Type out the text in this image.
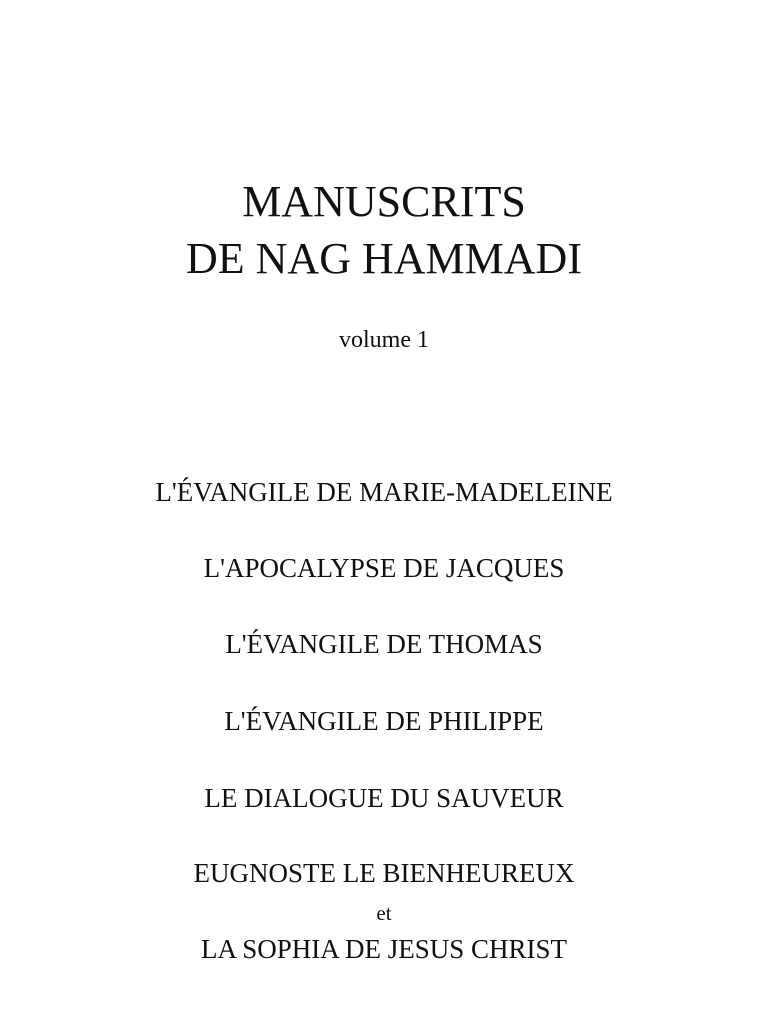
MANUSCRITS
DE NAG HAMMADI
volume 1
L'ÉVANGILE DE MARIE-MADELEINE
L'APOCALYPSE DE JACQUES
L'ÉVANGILE DE THOMAS
L'ÉVANGILE DE PHILIPPE
LE DIALOGUE DU SAUVEUR
EUGNOSTE LE BIENHEUREUX
et
LA SOPHIA DE JESUS CHRIST
